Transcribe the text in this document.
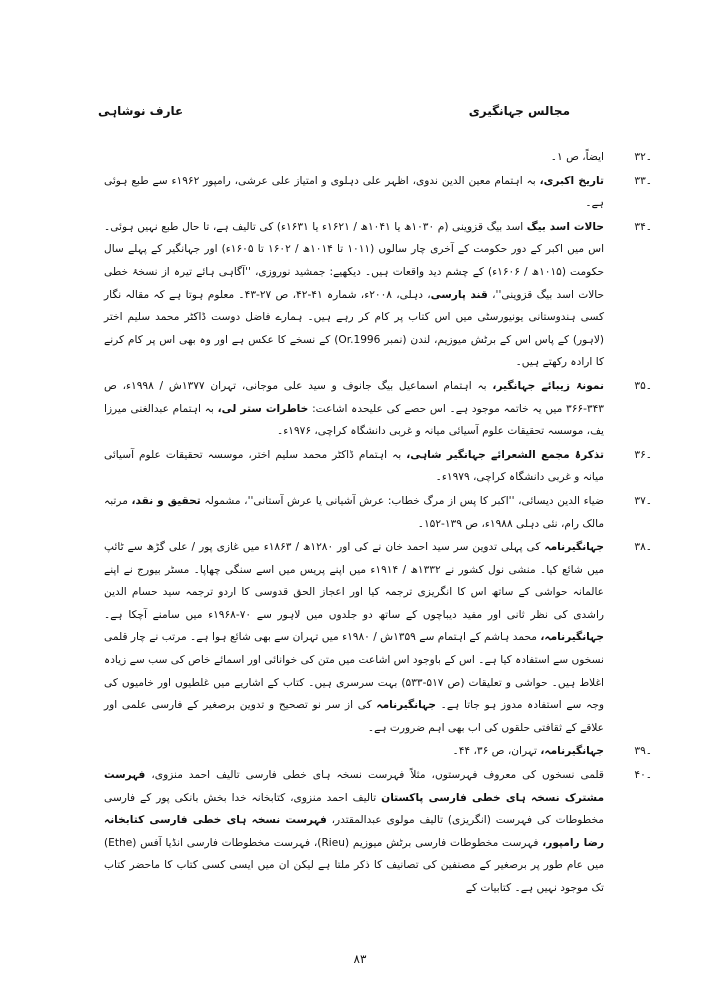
مجالس جہانگیری
عارف نوشاہی
۳۲۔
ایضاً، ص ۱۔
۳۳۔
تاریخ اکبری، بہ اہتمام معین الدین ندوی، اظہر علی دہلوی و امتیاز علی عرشی، رامپور ۱۹۶۲ء سے طبع ہوئی ہے۔
۳۴۔
حالات اسد بیگ اسد بیگ قزوینی (م ۱۰۳۰ھ یا ۱۰۴۱ھ / ۱۶۲۱ء یا ۱۶۳۱ء) کی تالیف ہے، تا حال طبع نہیں ہوئی۔ اس میں اکبر کے دور حکومت کے آخری چار سالوں (۱۰۱۱ تا ۱۰۱۴ھ / ۱۶۰۲ تا ۱۶۰۵ء) اور جہانگیر کے پہلے سال حکومت (۱۰۱۵ھ / ۱۶۰۶ء) کے چشم دید واقعات ہیں۔ دیکھیے: جمشید نوروزی، ''آگاہی ہائے تیرہ از نسخۂ خطی حالات اسد بیگ قزوینی''، قند پارسی، دہلی، ۲۰۰۸ء، شمارہ ۴۱-۴۲، ص ۲۷-۴۳۔ معلوم ہوتا ہے کہ مقالہ نگار کسی ہندوستانی یونیورسٹی میں اس کتاب پر کام کر رہے ہیں۔ ہمارے فاضل دوست ڈاکٹر محمد سلیم اختر (لاہور) کے پاس اس کے برٹش میوزیم، لندن (نمبر Or.1996) کے نسخے کا عکس ہے اور وہ بھی اس پر کام کرنے کا ارادہ رکھتے ہیں۔
۳۵۔
نمونۂ زیبائے جہانگیر، بہ اہتمام اسماعیل بیگ جانوف و سید علی موجانی، تہران ۱۳۷۷ش / ۱۹۹۸ء، ص ۳۴۳-۳۶۶ میں یہ خاتمہ موجود ہے۔ اس حصے کی علیحدہ اشاعت: خاطرات ستر لی، بہ اہتمام عبدالغنی میرزا یف، موسسہ تحقیقات علوم آسیائی میانہ و غربی دانشگاہ کراچی، ۱۹۷۶ء۔
۳۶۔
تذکرۂ مجمع الشعرائے جہانگیر شاہی، بہ اہتمام ڈاکٹر محمد سلیم اختر، موسسہ تحقیقات علوم آسیائی میانہ و غربی دانشگاہ کراچی، ۱۹۷۹ء۔
۳۷۔
ضیاء الدین دیسائی، ''اکبر کا پس از مرگ خطاب: عرش آشیانی یا عرش آستانی''، مشمولہ تحقیق و نقد، مرتبہ مالک رام، نئی دہلی ۱۹۸۸ء، ص ۱۳۹-۱۵۲۔
۳۸۔
جہانگیرنامہ کی پہلی تدوین سر سید احمد خان نے کی اور ۱۲۸۰ھ / ۱۸۶۳ء میں غازی پور / علی گڑھ سے ٹائپ میں شائع کیا۔ منشی نول کشور نے ۱۳۳۲ھ / ۱۹۱۴ء میں اپنے پریس میں اسے سنگی چھاپا۔ مسٹر بیورج نے اپنے عالمانہ حواشی کے ساتھ اس کا انگریزی ترجمہ کیا اور اعجاز الحق قدوسی کا اردو ترجمہ سید حسام الدین راشدی کی نظر ثانی اور مفید دیباچوں کے ساتھ دو جلدوں میں لاہور سے ۷۰-۱۹۶۸ء میں سامنے آچکا ہے۔ جہانگیرنامہ، محمد ہاشم کے اہتمام سے ۱۳۵۹ش / ۱۹۸۰ء میں تہران سے بھی شائع ہوا ہے۔ مرتب نے چار قلمی نسخوں سے استفادہ کیا ہے۔ اس کے باوجود اس اشاعت میں متن کی خوانائی اور اسمائے خاص کی سب سے زیادہ اغلاط ہیں۔ حواشی و تعلیقات (ص ۵۱۷-۵۳۳) بہت سرسری ہیں۔ کتاب کے اشاریے میں غلطیوں اور خامیوں کی وجہ سے استفادہ مدوز ہو جاتا ہے۔ جہانگیرنامہ کی از سر نو تصحیح و تدوین برصغیر کے فارسی علمی اور علاقے کے ثقافتی حلقوں کی اب بھی اہم ضرورت ہے۔
۳۹۔
جہانگیرنامہ، تہران، ص ۳۶، ۴۴۔
۴۰۔
قلمی نسخوں کی معروف فہرستوں، مثلاً فہرست نسخہ ہای خطی فارسی تالیف احمد منزوی، فہرست مشترک نسخہ ہای خطی فارسی پاکستان تالیف احمد منزوی، کتابخانہ خدا بخش بانکی پور کے فارسی مخطوطات کی فہرست (انگریزی) تالیف مولوی عبدالمقتدر، فہرست نسخہ ہای خطی فارسی کتابخانہ رضا رامپور، فہرست مخطوطات فارسی برٹش میوزیم (Rieu)، فہرست مخطوطات فارسی انڈیا آفس (Ethe) میں عام طور پر برصغیر کے مصنفین کی تصانیف کا ذکر ملتا ہے لیکن ان میں ایسی کسی کتاب کا ماحضر کتاب تک موجود نہیں ہے۔ کتابیات کے
۸۳
